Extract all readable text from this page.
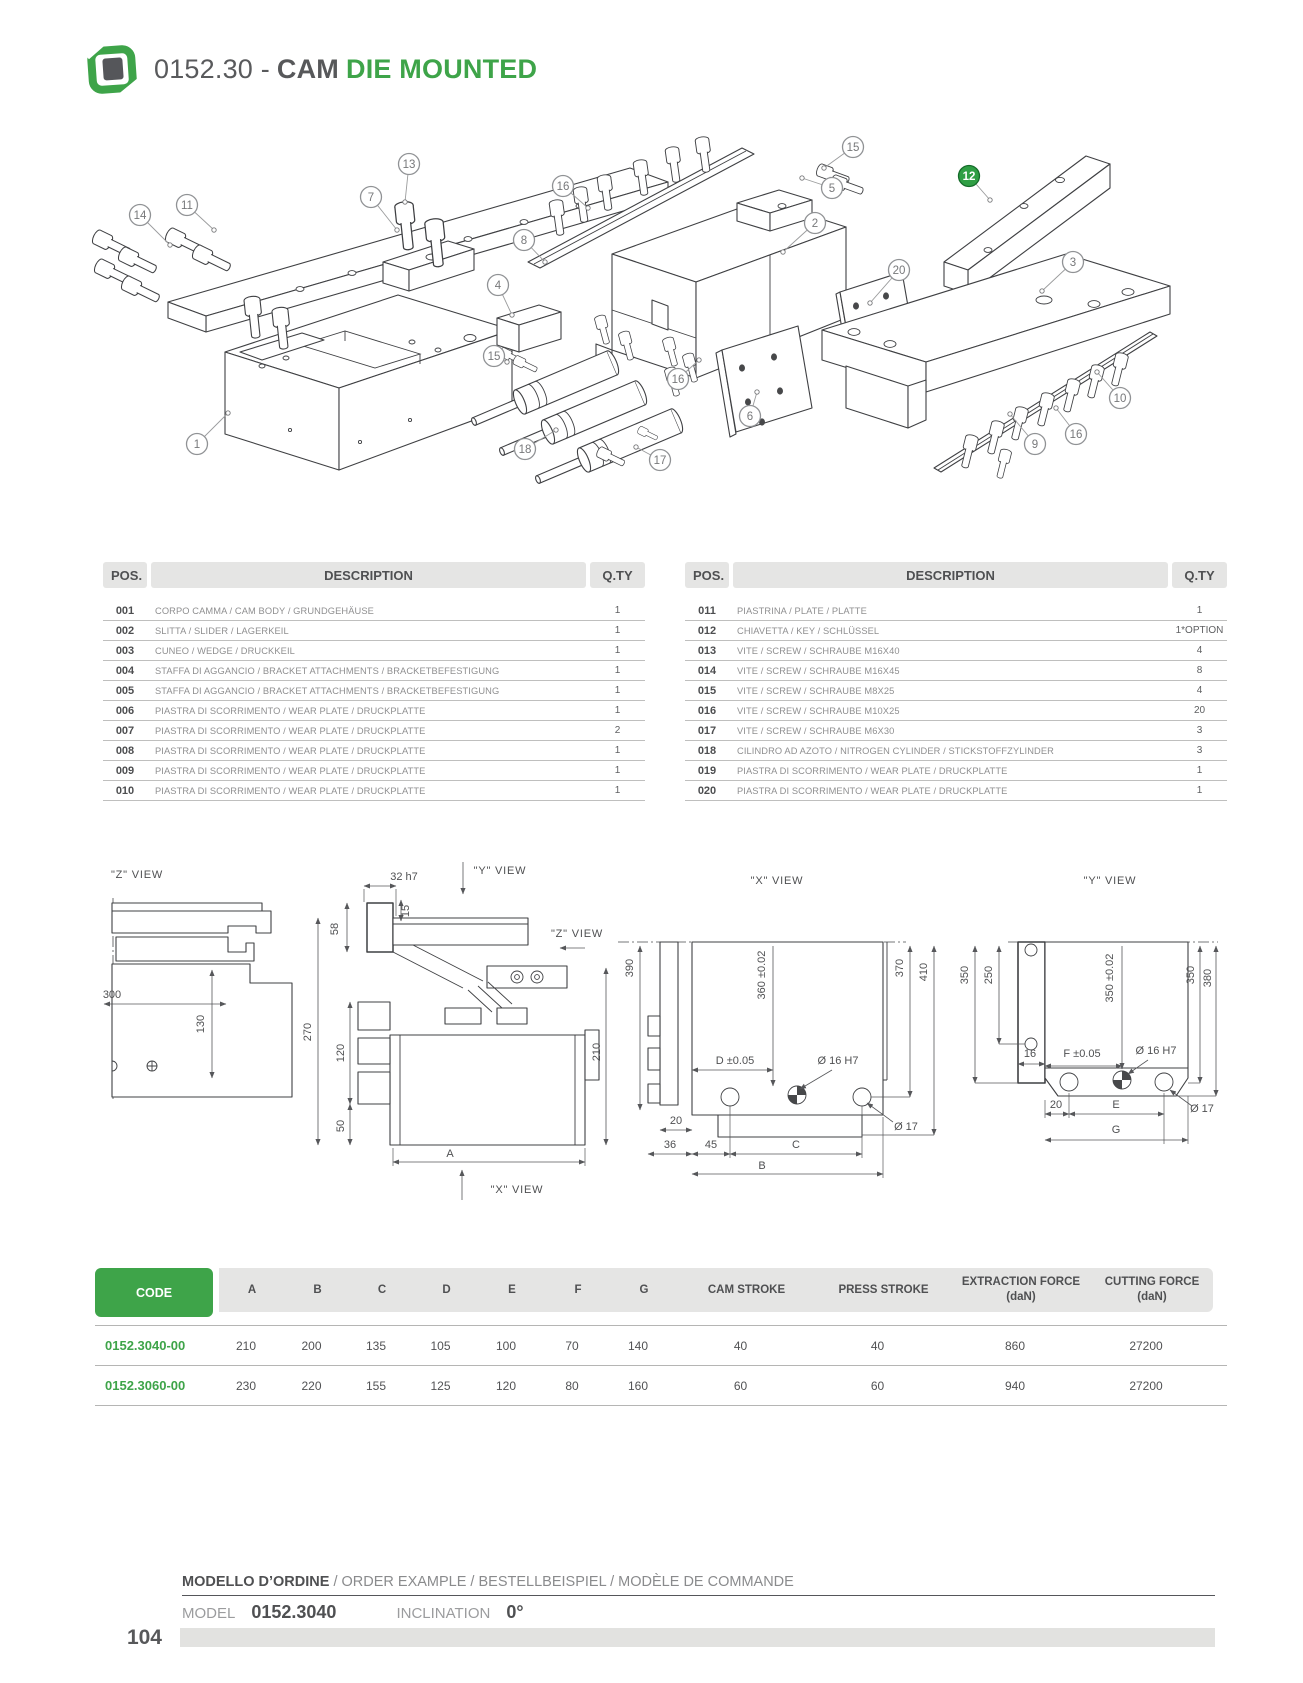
0152.30 - CAM DIE MOUNTED
14
11
7
13
16
8
4
15
1	18
17
15
5
2
12
20
3
16
6
9
16
10
POS.	DESCRIPTION	Q.TY
001	CORPO CAMMA / CAM BODY / GRUNDGEHÄUSE	1
002	SLITTA / SLIDER / LAGERKEIL	1
003	CUNEO / WEDGE / DRUCKKEIL	1
004	STAFFA DI AGGANCIO / BRACKET ATTACHMENTS / BRACKETBEFESTIGUNG	1
005	STAFFA DI AGGANCIO / BRACKET ATTACHMENTS / BRACKETBEFESTIGUNG	1
006	PIASTRA DI SCORRIMENTO / WEAR PLATE / DRUCKPLATTE	1
007	PIASTRA DI SCORRIMENTO / WEAR PLATE / DRUCKPLATTE	2
008	PIASTRA DI SCORRIMENTO / WEAR PLATE / DRUCKPLATTE	1
009	PIASTRA DI SCORRIMENTO / WEAR PLATE / DRUCKPLATTE	1
010	PIASTRA DI SCORRIMENTO / WEAR PLATE / DRUCKPLATTE	1
POS.	DESCRIPTION	Q.TY
011	PIASTRINA / PLATE / PLATTE	1
012	CHIAVETTA / KEY / SCHLÜSSEL	1*OPTION
013	VITE / SCREW / SCHRAUBE M16X40	4
014	VITE / SCREW / SCHRAUBE M16X45	8
015	VITE / SCREW / SCHRAUBE M8X25	4
016	VITE / SCREW / SCHRAUBE M10X25	20
017	VITE / SCREW / SCHRAUBE M6X30	3
018	CILINDRO AD AZOTO / NITROGEN CYLINDER / STICKSTOFFZYLINDER	3
019	PIASTRA DI SCORRIMENTO / WEAR PLATE / DRUCKPLATTE	1
020	PIASTRA DI SCORRIMENTO / WEAR PLATE / DRUCKPLATTE	1
"Z" VIEW
300
130
32 h7
15
58
"Y" VIEW
"Z" VIEW
270
120
50
210
A
"X" VIEW
"X" VIEW
390	360 ±0.02	370 410
D ±0.05	Ø 16 H7
20
36	45	C
B
Ø 17
"Y" VIEW
350 250	350 ±0.02	350 380
16 F ±0.05	Ø 16 H7
20	E
G
Ø 17
CODE	A	B	C	D	E	F	G	CAM STROKE	PRESS STROKE
EXTRACTION FORCE
(daN)
CUTTING FORCE
(daN)
0152.3040-00	210	200	135	105	100	70	140	40	40	860	27200
0152.3060-00	230	220	155	125	120	80	160	60	60	940	27200
MODELLO D’ORDINE / ORDER EXAMPLE / BESTELLBEISPIEL / MODÈLE DE COMMANDE
MODEL 0152.3040	INCLINATION 0°
104
